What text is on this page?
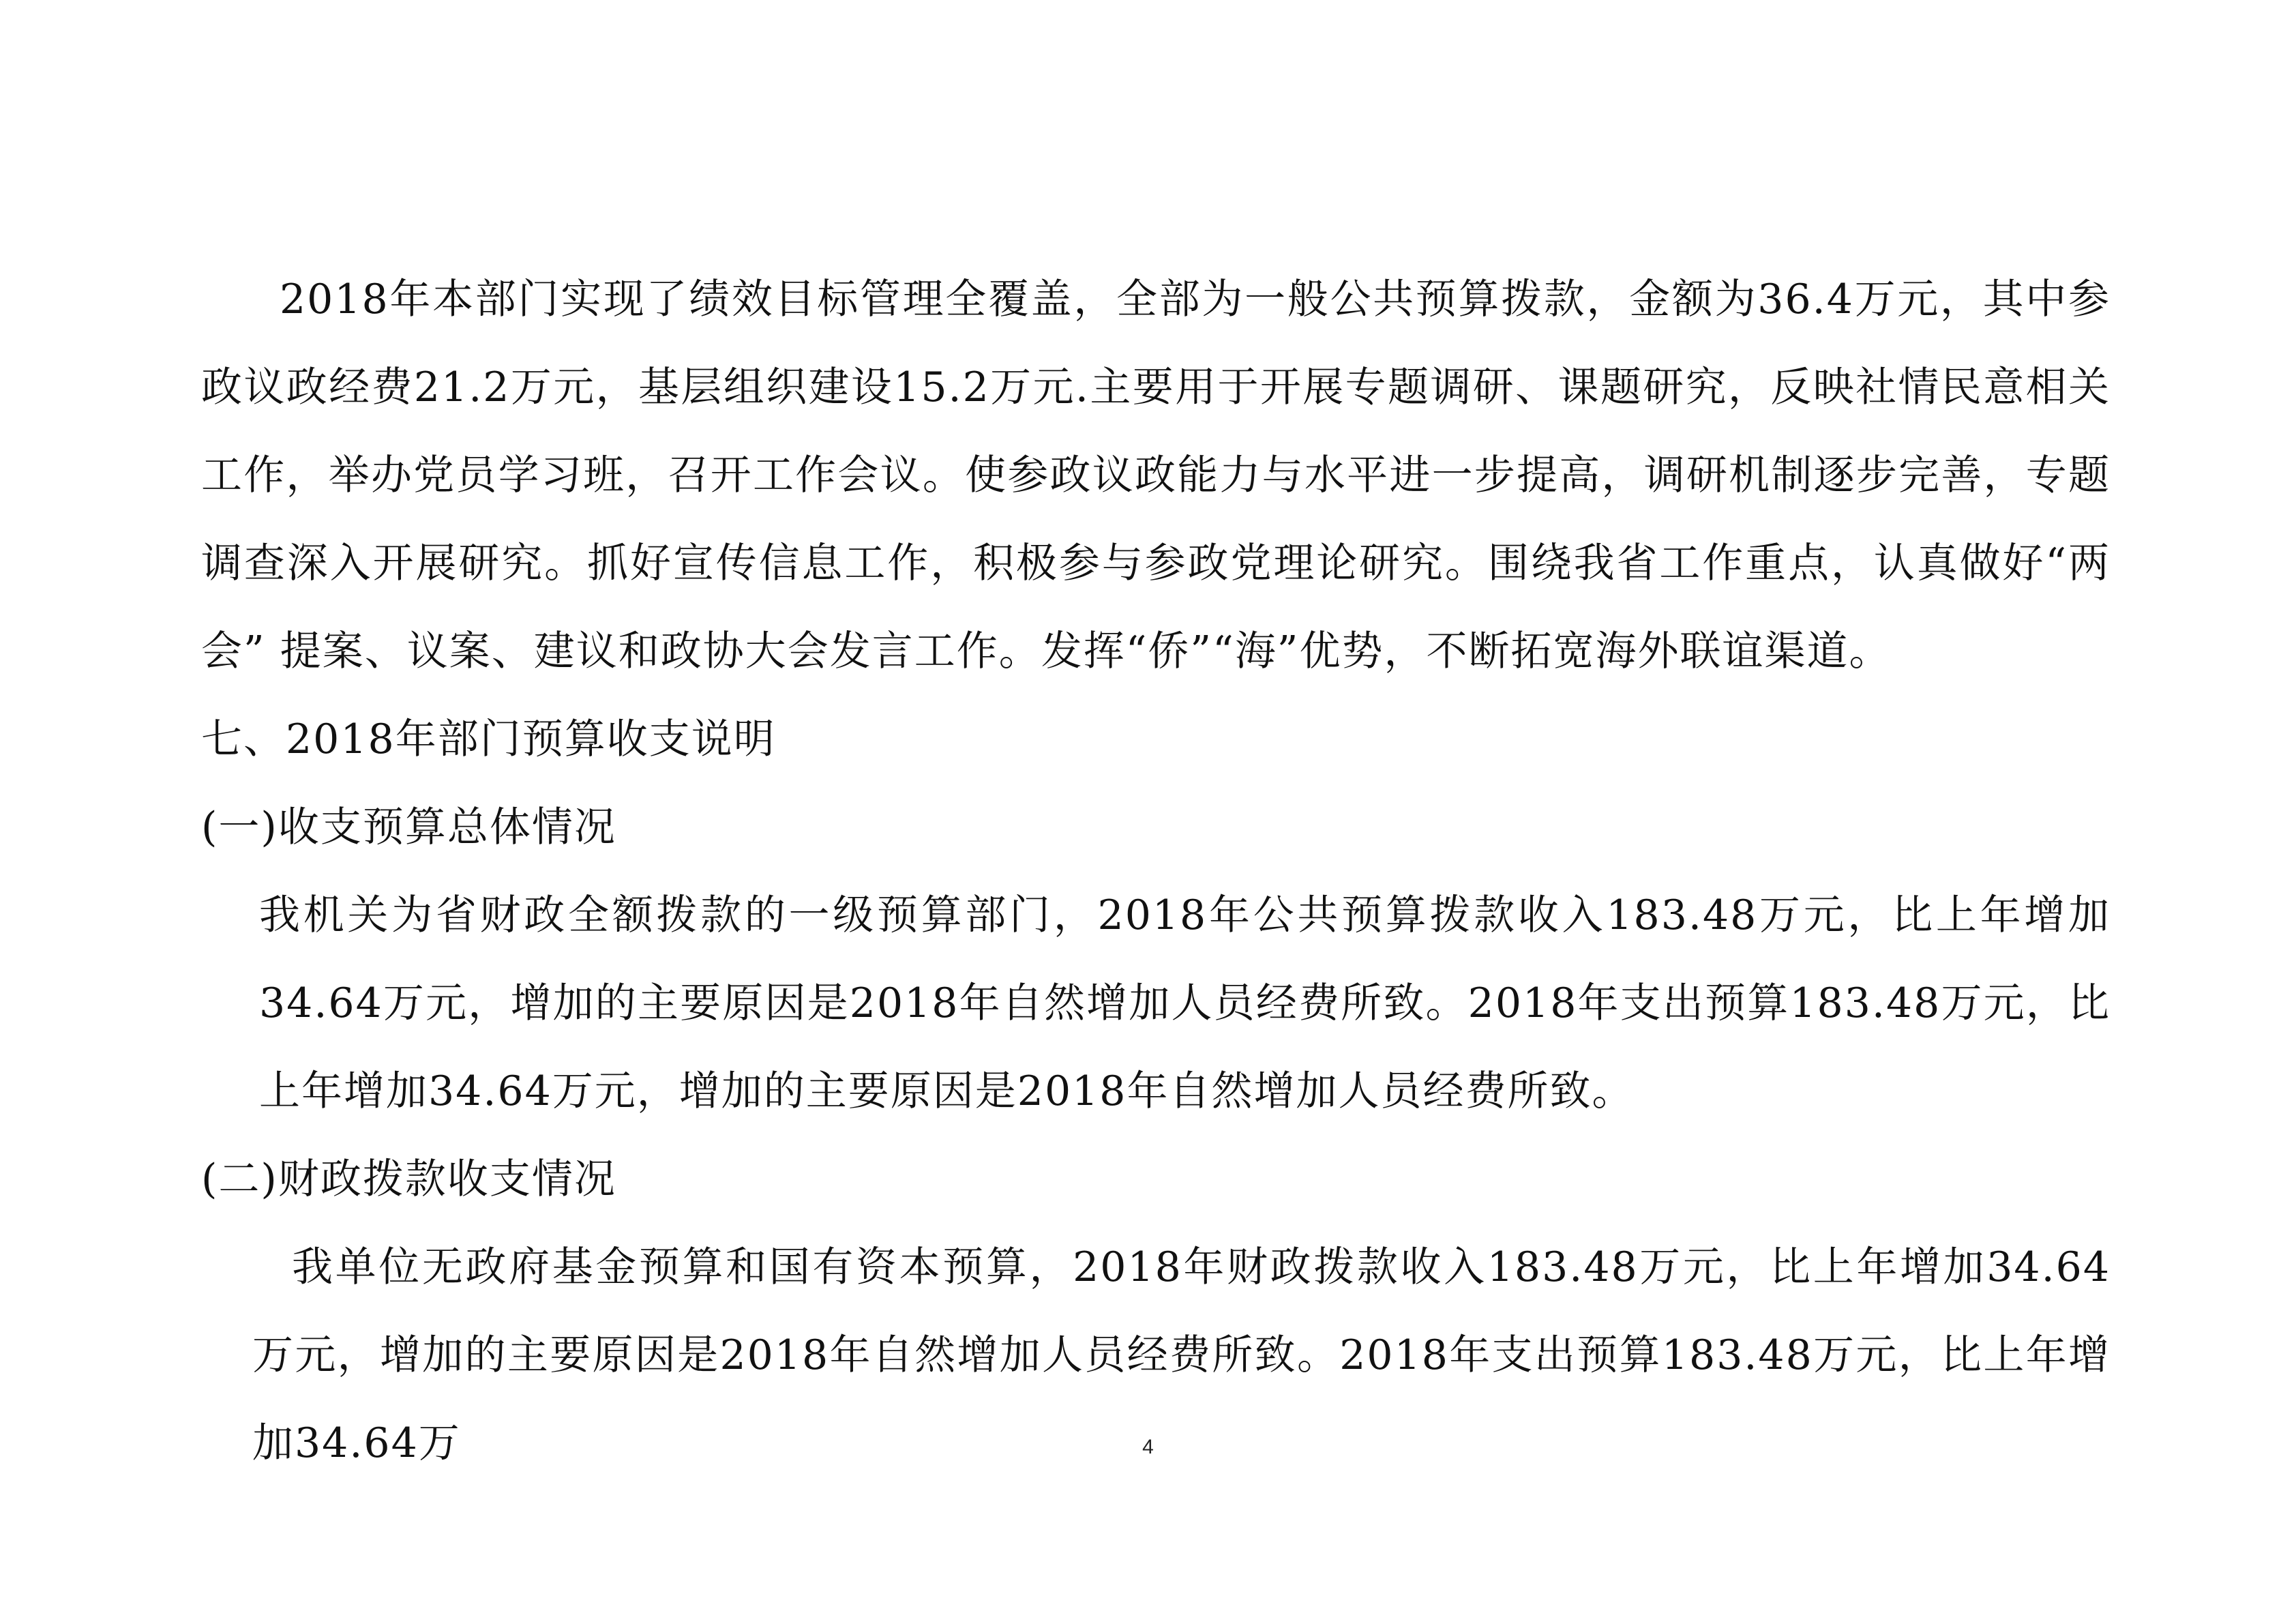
2018年本部门实现了绩效目标管理全覆盖，全部为一般公共预算拨款，金额为36.4万元，其中参政议政经费21.2万元，基层组织建设15.2万元.主要用于开展专题调研、课题研究，反映社情民意相关工作，举办党员学习班，召开工作会议。使参政议政能力与水平进一步提高，调研机制逐步完善，专题调查深入开展研究。抓好宣传信息工作，积极参与参政党理论研究。围绕我省工作重点，认真做好“两会” 提案、议案、建议和政协大会发言工作。发挥“侨”“海”优势，不断拓宽海外联谊渠道。

七、2018年部门预算收支说明

(一)收支预算总体情况

我机关为省财政全额拨款的一级预算部门，2018年公共预算拨款收入183.48万元，比上年增加34.64万元，增加的主要原因是2018年自然增加人员经费所致。2018年支出预算183.48万元，比上年增加34.64万元，增加的主要原因是2018年自然增加人员经费所致。

(二)财政拨款收支情况

我单位无政府基金预算和国有资本预算，2018年财政拨款收入183.48万元，比上年增加34.64万元，增加的主要原因是2018年自然增加人员经费所致。2018年支出预算183.48万元，比上年增加34.64万	4
